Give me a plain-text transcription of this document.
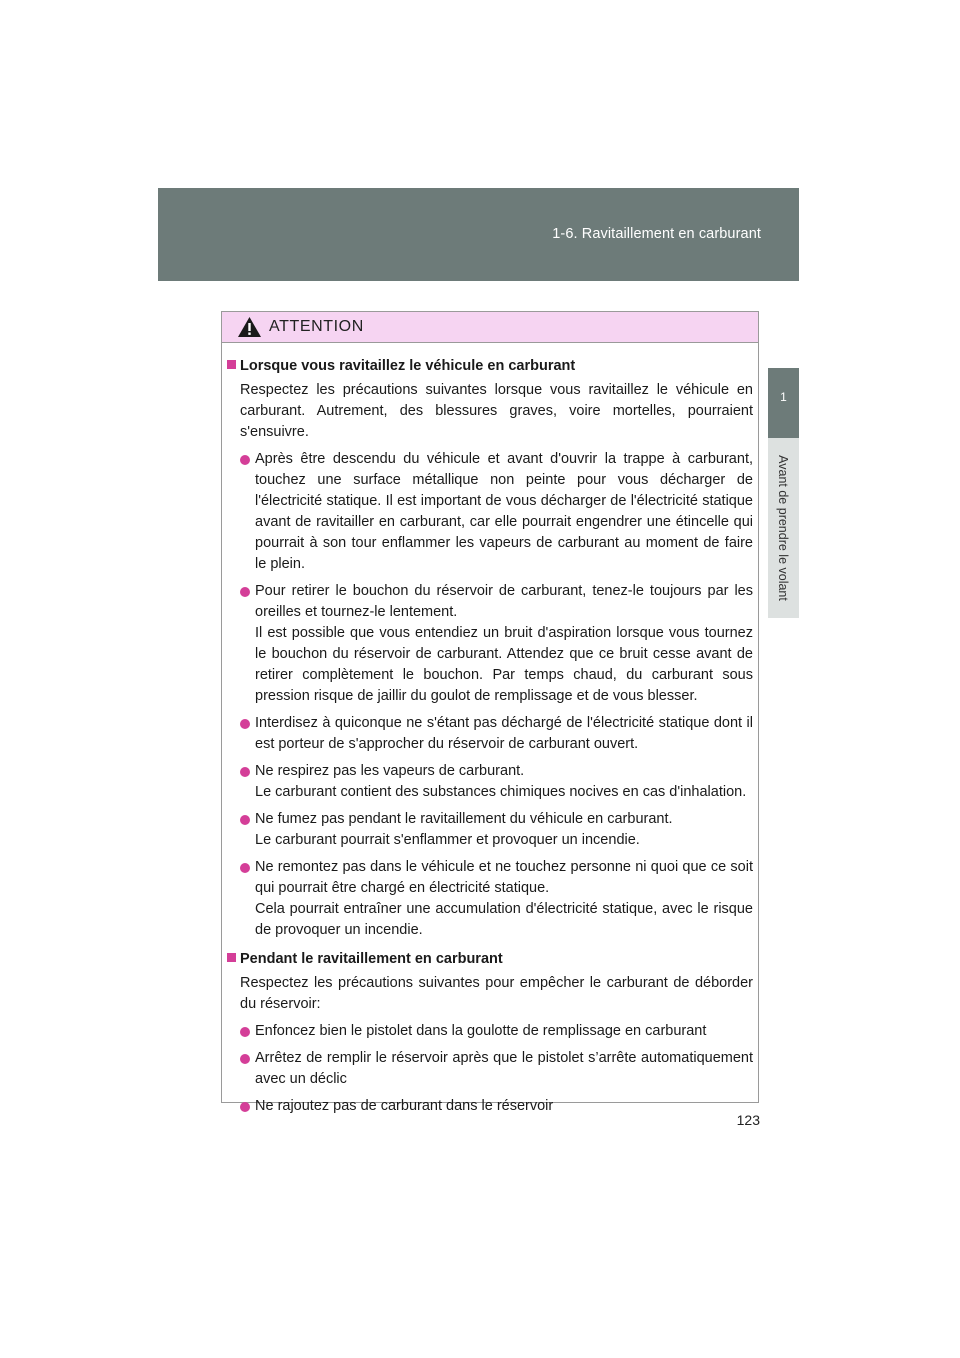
1-6. Ravitaillement en carburant
1
Avant de prendre le volant
ATTENTION
Lorsque vous ravitaillez le véhicule en carburant
Respectez les précautions suivantes lorsque vous ravitaillez le véhicule en carburant. Autrement, des blessures graves, voire mortelles, pourraient s'ensuivre.

Après être descendu du véhicule et avant d'ouvrir la trappe à carburant, touchez une surface métallique non peinte pour vous décharger de l'électricité statique. Il est important de vous décharger de l'électricité statique avant de ravitailler en carburant, car elle pourrait engendrer une étincelle qui pourrait à son tour enflammer les vapeurs de carburant au moment de faire le plein.

Pour retirer le bouchon du réservoir de carburant, tenez-le toujours par les oreilles et tournez-le lentement.

Il est possible que vous entendiez un bruit d'aspiration lorsque vous tournez le bouchon du réservoir de carburant. Attendez que ce bruit cesse avant de retirer complètement le bouchon. Par temps chaud, du carburant sous pression risque de jaillir du goulot de remplissage et de vous blesser.

Interdisez à quiconque ne s'étant pas déchargé de l'électricité statique dont il est porteur de s'approcher du réservoir de carburant ouvert.

Ne respirez pas les vapeurs de carburant.

Le carburant contient des substances chimiques nocives en cas d'inhalation.

Ne fumez pas pendant le ravitaillement du véhicule en carburant.

Le carburant pourrait s'enflammer et provoquer un incendie.

Ne remontez pas dans le véhicule et ne touchez personne ni quoi que ce soit qui pourrait être chargé en électricité statique.

Cela pourrait entraîner une accumulation d'électricité statique, avec le risque de provoquer un incendie.

Pendant le ravitaillement en carburant
Respectez les précautions suivantes pour empêcher le carburant de déborder du réservoir:

Enfoncez bien le pistolet dans la goulotte de remplissage en carburant

Arrêtez de remplir le réservoir après que le pistolet s’arrête automatiquement avec un déclic

Ne rajoutez pas de carburant dans le réservoir

123
